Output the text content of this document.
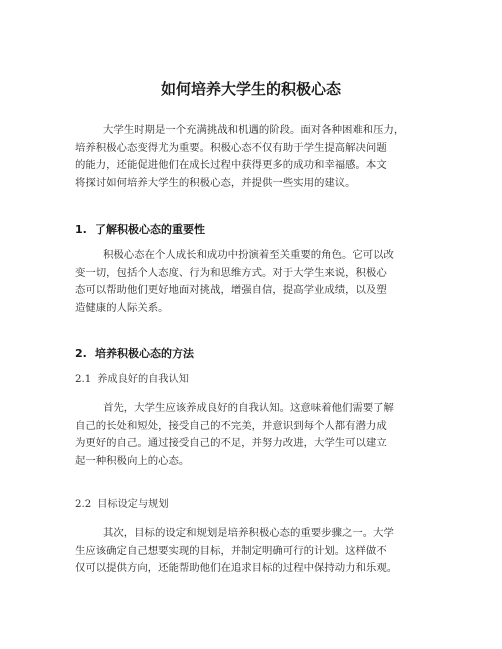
如何培养大学生的积极心态
大学生时期是一个充满挑战和机遇的阶段。面对各种困难和压力，
培养积极心态变得尤为重要。积极心态不仅有助于学生提高解决问题
的能力，还能促进他们在成长过程中获得更多的成功和幸福感。本文
将探讨如何培养大学生的积极心态，并提供一些实用的建议。
1. 了解积极心态的重要性
积极心态在个人成长和成功中扮演着至关重要的角色。它可以改
变一切，包括个人态度、行为和思维方式。对于大学生来说，积极心
态可以帮助他们更好地面对挑战，增强自信，提高学业成绩，以及塑
造健康的人际关系。
2. 培养积极心态的方法
2.1 养成良好的自我认知
首先，大学生应该养成良好的自我认知。这意味着他们需要了解
自己的长处和短处，接受自己的不完美，并意识到每个人都有潜力成
为更好的自己。通过接受自己的不足，并努力改进，大学生可以建立
起一种积极向上的心态。
2.2 目标设定与规划
其次，目标的设定和规划是培养积极心态的重要步骤之一。大学
生应该确定自己想要实现的目标，并制定明确可行的计划。这样做不
仅可以提供方向，还能帮助他们在追求目标的过程中保持动力和乐观。
